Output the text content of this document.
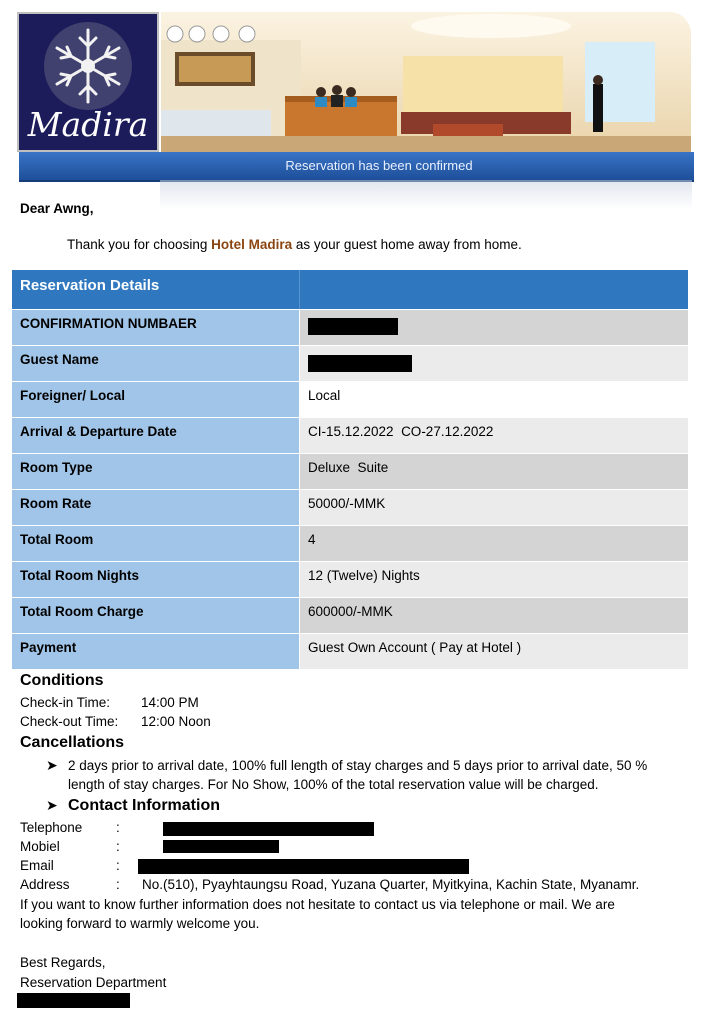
Madira
Reservation has been confirmed
Dear Awng,
Thank you for choosing Hotel Madira as your guest home away from home.
Reservation Details
CONFIRMATION NUMBAER
Guest Name
Foreigner/ Local	Local
Arrival & Departure Date	CI-15.12.2022  CO-27.12.2022
Room Type	Deluxe  Suite
Room Rate	50000/-MMK
Total Room	4
Total Room Nights	12 (Twelve) Nights
Total Room Charge	600000/-MMK
Payment	Guest Own Account ( Pay at Hotel )
Conditions
Check-in Time: 14:00 PM
Check-out Time: 12:00 Noon
Cancellations
➤ 2 days prior to arrival date, 100% full length of stay charges and 5 days prior to arrival date, 50 %
length of stay charges. For No Show, 100% of the total reservation value will be charged.
➤ Contact Information
Telephone :
Mobiel	:
Email	:
Address	: No.(510), Pyayhtaungsu Road, Yuzana Quarter, Myitkyina, Kachin State, Myanamr.
If you want to know further information does not hesitate to contact us via telephone or mail. We are
looking forward to warmly welcome you.
Best Regards,
Reservation Department
